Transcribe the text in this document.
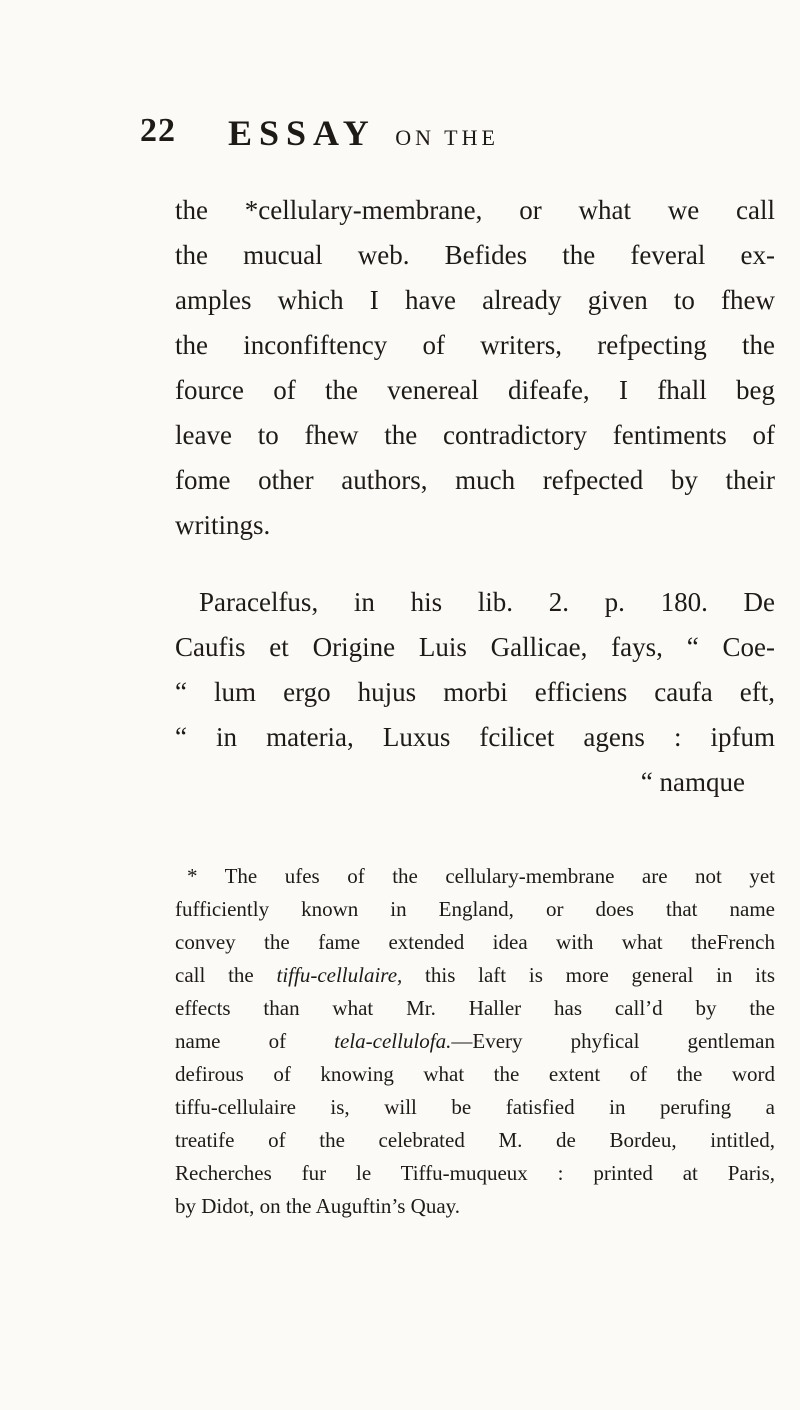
22 ESSAY ON THE
the *cellulary-membrane, or what we call
the mucual web. Befides the feveral ex-
amples which I have already given to fhew
the inconfiftency of writers, refpecting the
fource of the venereal difeafe, I fhall beg
leave to fhew the contradictory fentiments of
fome other authors, much refpected by their
writings.
Paracelfus, in his lib. 2. p. 180. De
Caufis et Origine Luis Gallicae, fays, “ Coe-
“ lum ergo hujus morbi efficiens caufa eft,
“ in materia, Luxus fcilicet agens : ipfum
“ namque
* The ufes of the cellulary-membrane are not yet
fufficiently known in England, or does that name
convey the fame extended idea with what theFrench
call the tiffu-cellulaire, this laft is more general in its
effects than what Mr. Haller has call’d by the
name of tela-cellulofa.—Every phyfical gentleman
defirous of knowing what the extent of the word
tiffu-cellulaire is, will be fatisfied in perufing a
treatife of the celebrated M. de Bordeu, intitled,
Recherches fur le Tiffu-muqueux : printed at Paris,
by Didot, on the Auguftin’s Quay.
